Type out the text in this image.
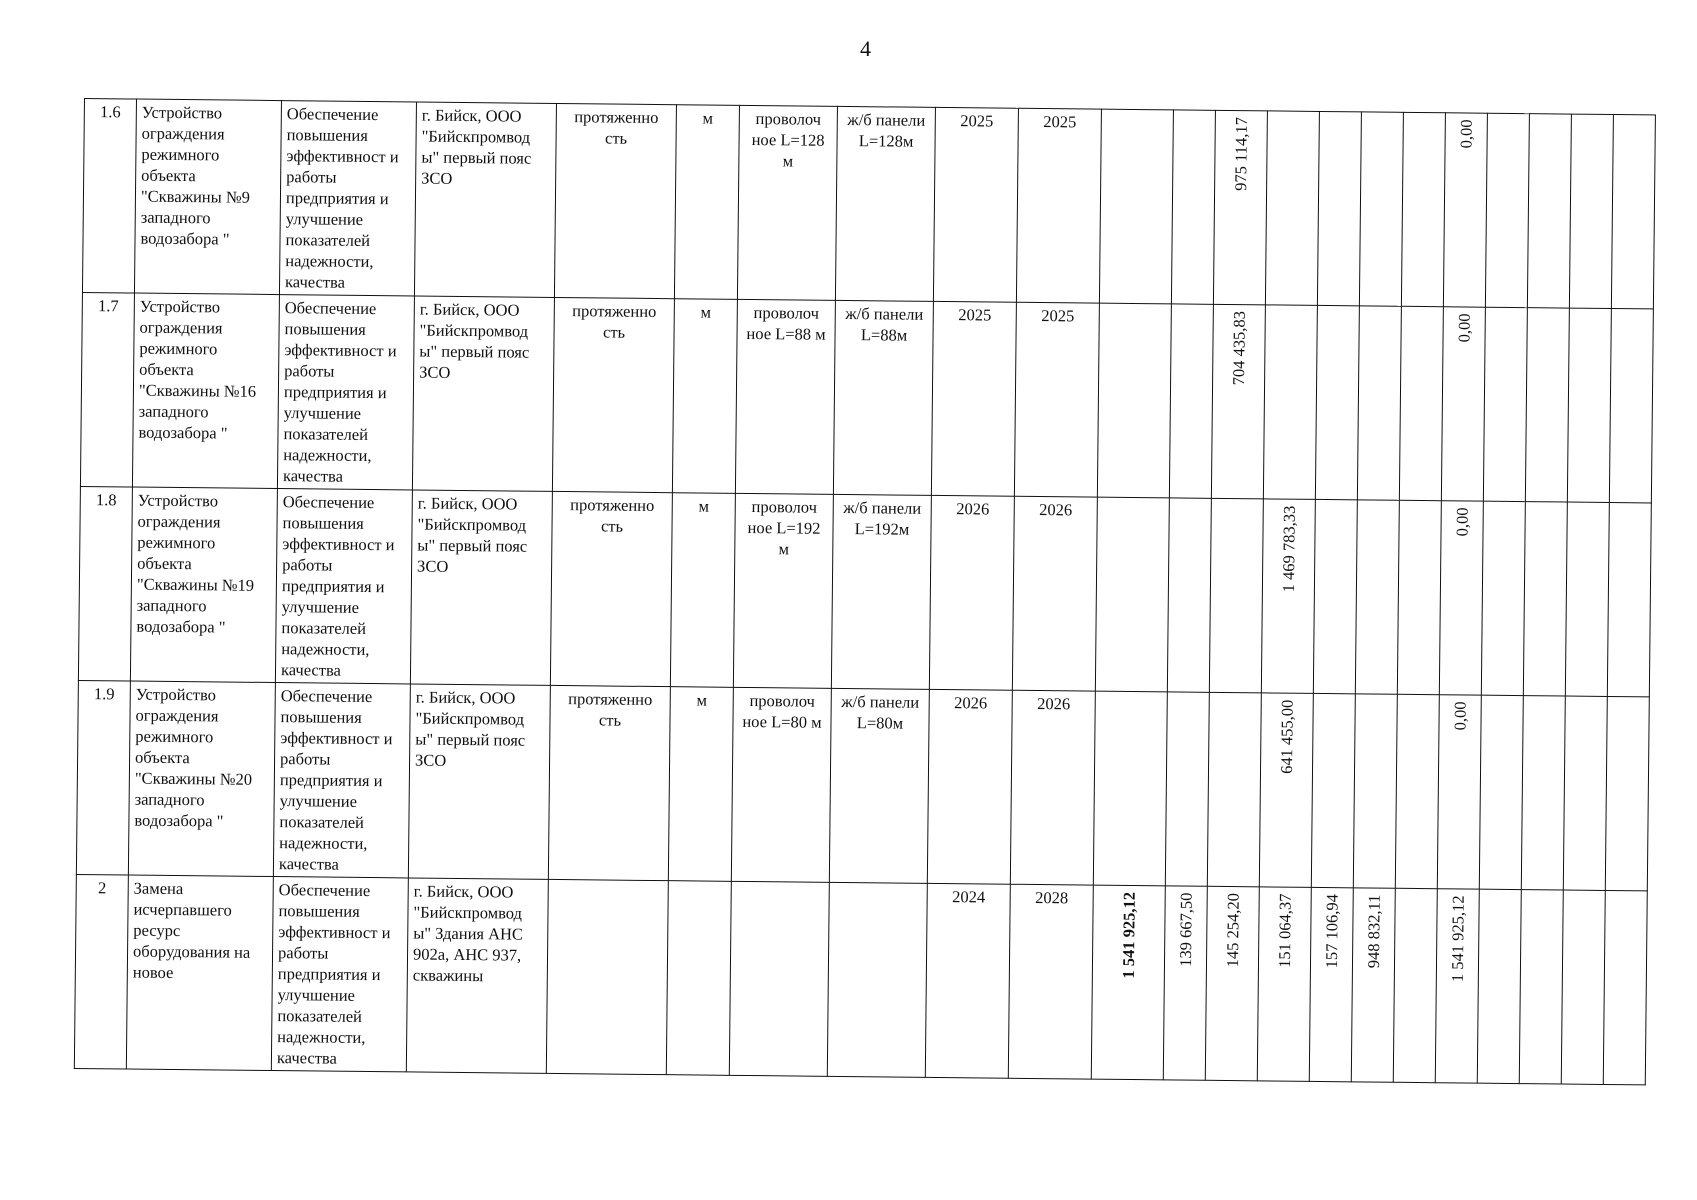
4
1.6	Устройство ограждения режимного объекта "Скважины №9 западного водозабора "	Обеспечение повышения эффективност и работы предприятия и улучшение показателей надежности, качества	г. Бийск, ООО "Бийскпромвод ы" первый пояс ЗСО	протяженно сть	м	проволоч ное L=128 м	ж/б панели L=128м	2025	2025			975 114,17					0,00				

1.7	Устройство ограждения режимного объекта "Скважины №16 западного водозабора "	Обеспечение повышения эффективност и работы предприятия и улучшение показателей надежности, качества	г. Бийск, ООО "Бийскпромвод ы" первый пояс ЗСО	протяженно сть	м	проволоч ное L=88 м	ж/б панели L=88м	2025	2025			704 435,83					0,00				

1.8	Устройство ограждения режимного объекта "Скважины №19 западного водозабора "	Обеспечение повышения эффективност и работы предприятия и улучшение показателей надежности, качества	г. Бийск, ООО "Бийскпромвод ы" первый пояс ЗСО	протяженно сть	м	проволоч ное L=192 м	ж/б панели L=192м	2026	2026				1 469 783,33				0,00				

1.9	Устройство ограждения режимного объекта "Скважины №20 западного водозабора "	Обеспечение повышения эффективност и работы предприятия и улучшение показателей надежности, качества	г. Бийск, ООО "Бийскпромвод ы" первый пояс ЗСО	протяженно сть	м	проволоч ное L=80 м	ж/б панели L=80м	2026	2026				641 455,00				0,00				

2	Замена исчерпавшего ресурс оборудования на новое	Обеспечение повышения эффективност и работы предприятия и улучшение показателей надежности, качества	г. Бийск, ООО "Бийскпромвод ы" Здания АНС 902а, АНС 937, скважины					2024	2028	1 541 925,12	139 667,50	145 254,20	151 064,37	157 106,94	948 832,11		1 541 925,12				
